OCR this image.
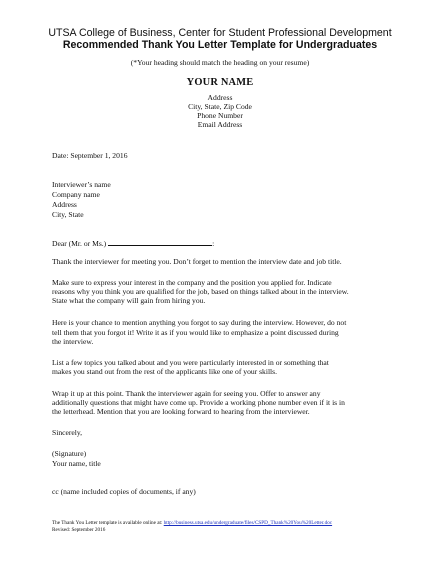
UTSA College of Business, Center for Student Professional Development
Recommended Thank You Letter Template for Undergraduates
(*Your heading should match the heading on your resume)
YOUR NAME
Address
City, State, Zip Code
Phone Number
Email Address
Date: September 1, 2016
Interviewer’s name
Company name
Address
City, State
Dear (Mr. or Ms.)	:
Thank the interviewer for meeting you. Don’t forget to mention the interview date and job title.
Make sure to express your interest in the company and the position you applied for. Indicate
reasons why you think you are qualified for the job, based on things talked about in the interview.
State what the company will gain from hiring you.
Here is your chance to mention anything you forgot to say during the interview. However, do not
tell them that you forgot it! Write it as if you would like to emphasize a point discussed during
the interview.
List a few topics you talked about and you were particularly interested in or something that
makes you stand out from the rest of the applicants like one of your skills.
Wrap it up at this point. Thank the interviewer again for seeing you. Offer to answer any
additionally questions that might have come up. Provide a working phone number even if it is in
the letterhead. Mention that you are looking forward to hearing from the interviewer.
Sincerely,
(Signature)
Your name, title
cc (name included copies of documents, if any)
The Thank You Letter template is available online at: http://business.utsa.edu/undergraduate/files/CSPD_Thank%20You%20Letter.doc
Revised: September 2016
